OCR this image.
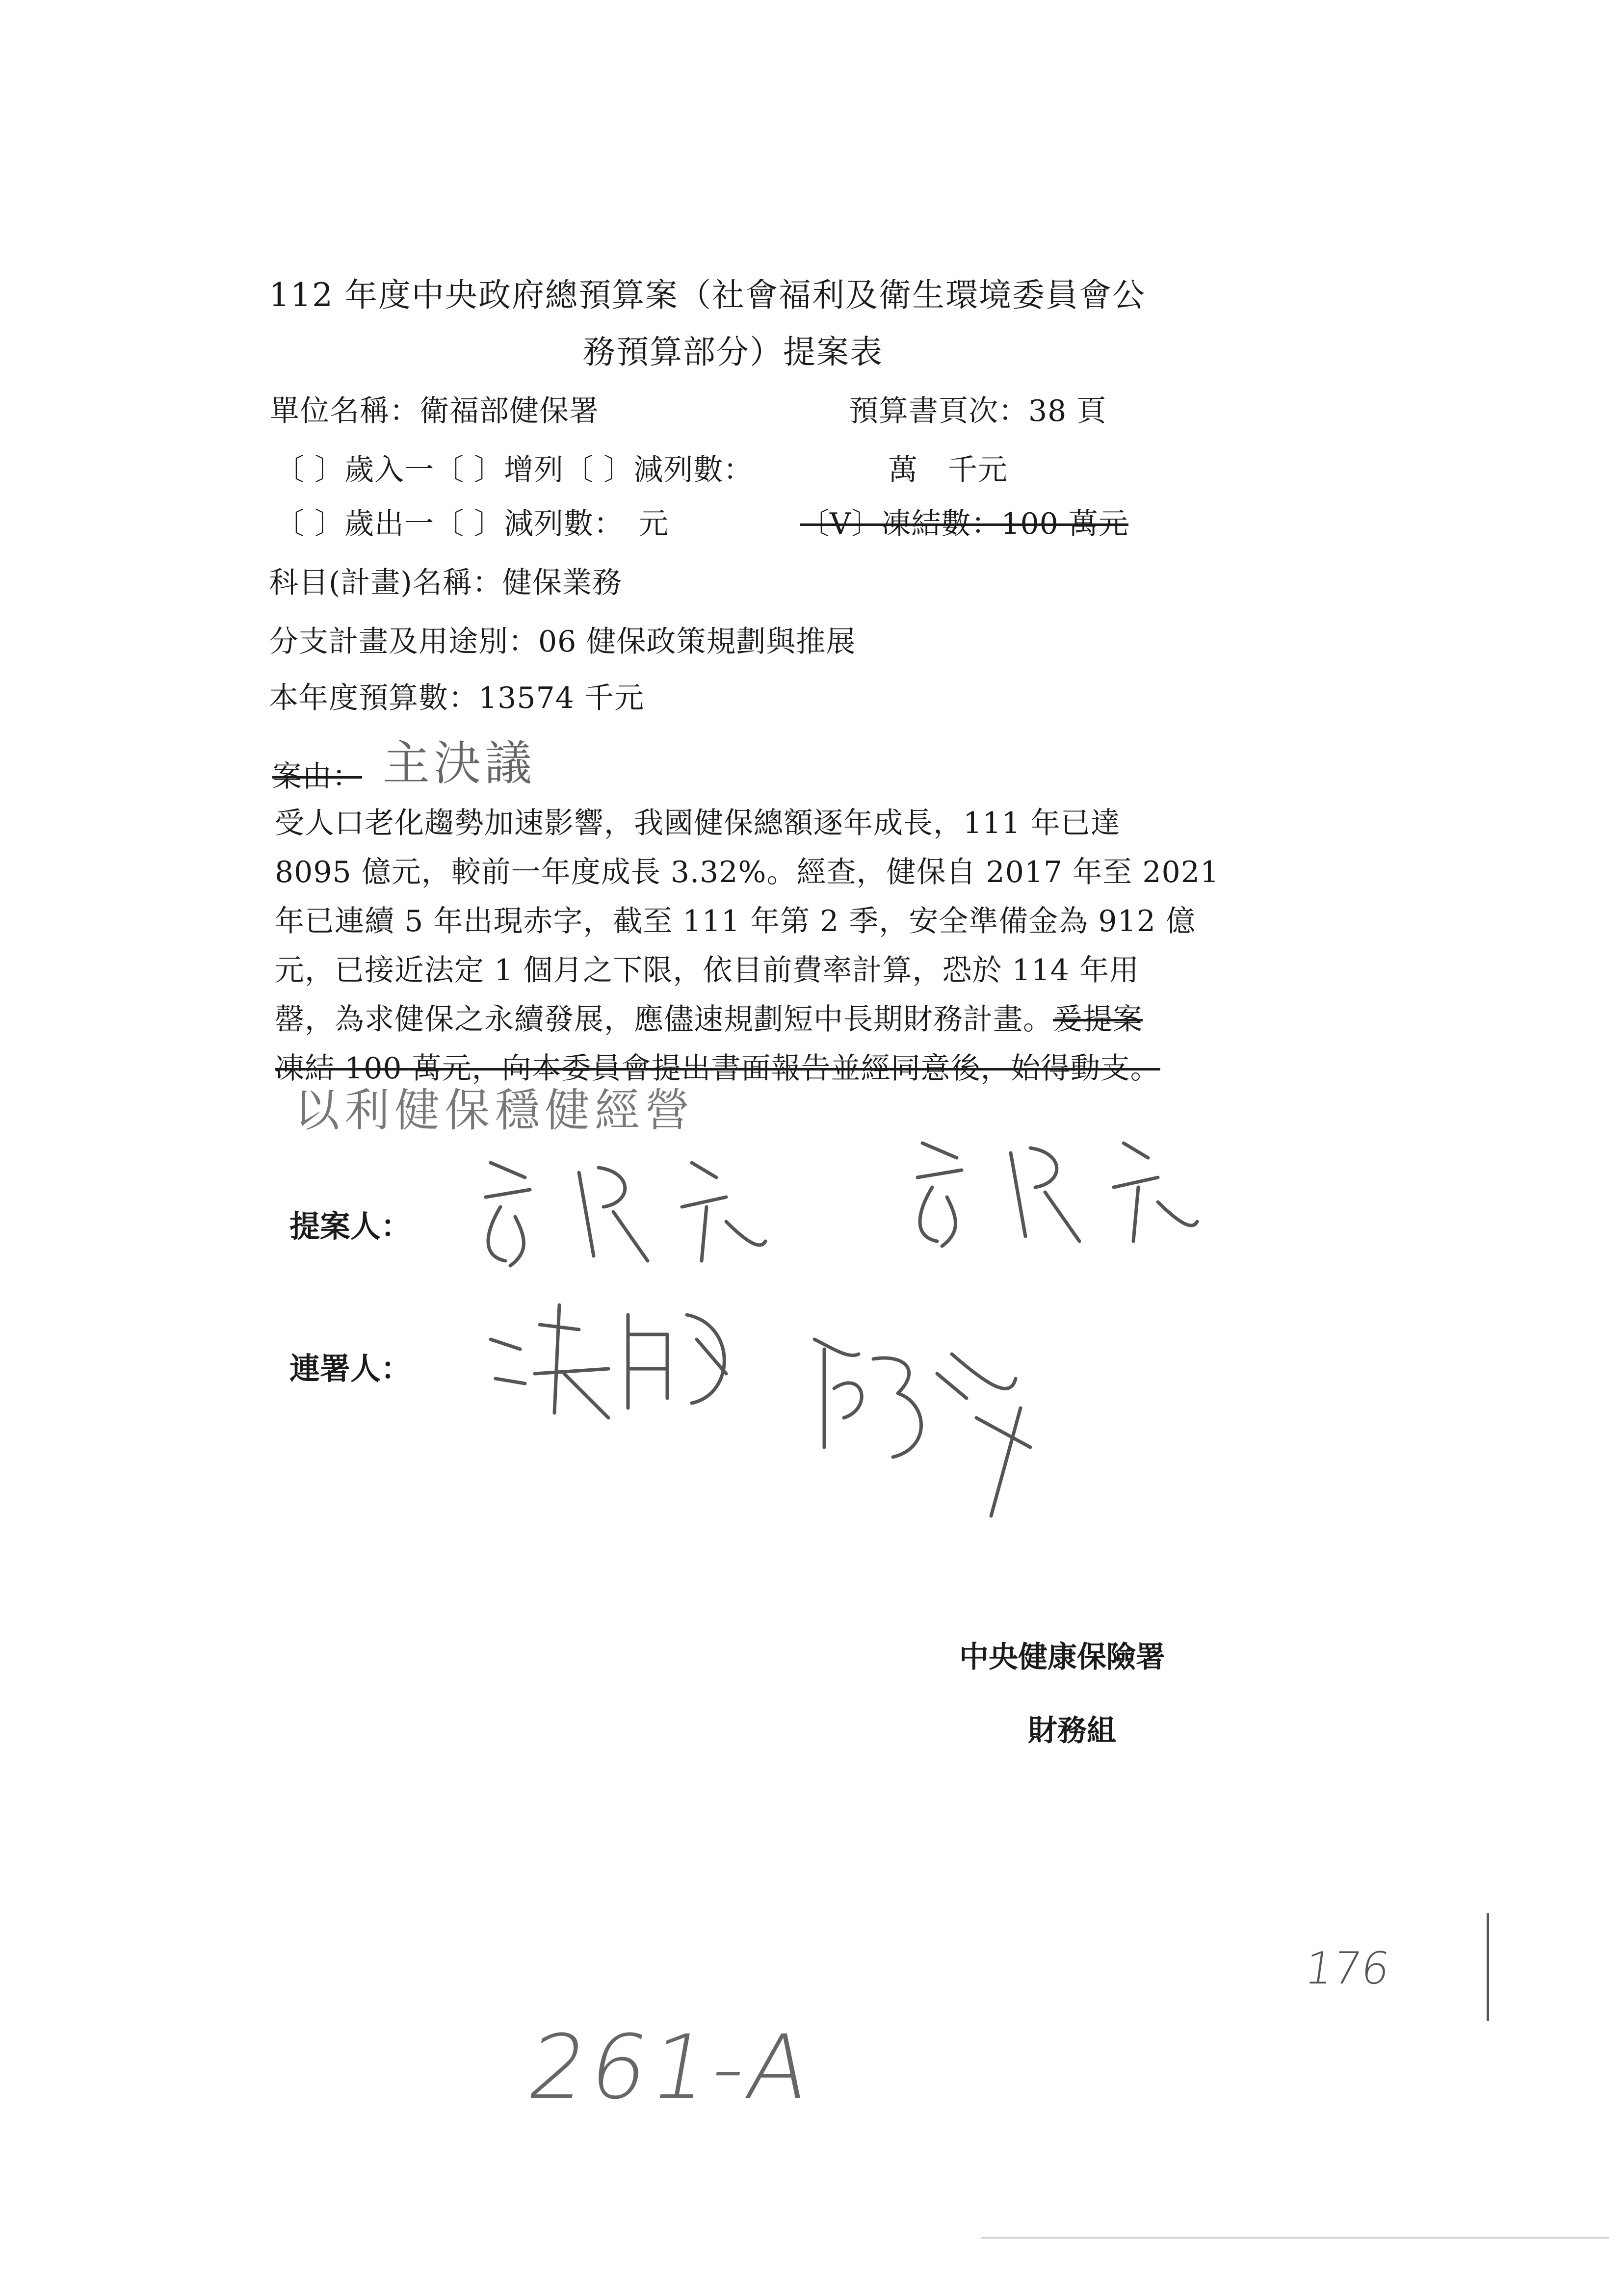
112 年度中央政府總預算案（社會福利及衛生環境委員會公
務預算部分）提案表
單位名稱：衛福部健保署	預算書頁次：38 頁
〔 〕歲入一〔 〕增列〔 〕減列數：	萬　千元
〔 〕歲出一〔 〕減列數：　元	〔V〕凍結數：100 萬元
科目(計畫)名稱：健保業務
分支計畫及用途別：06 健保政策規劃與推展
本年度預算數：13574 千元
案由： 主決議
受人口老化趨勢加速影響，我國健保總額逐年成長，111 年已達
8095 億元，較前一年度成長 3.32%。經查，健保自 2017 年至 2021
年已連續 5 年出現赤字，截至 111 年第 2 季，安全準備金為 912 億
元，已接近法定 1 個月之下限，依目前費率計算，恐於 114 年用
罄，為求健保之永續發展，應儘速規劃短中長期財務計畫。爰提案
凍結 100 萬元，向本委員會提出書面報告並經同意後，始得動支。
以利健保穩健經營
提案人：
連署人：
中央健康保險署
財務組
176
261-A
